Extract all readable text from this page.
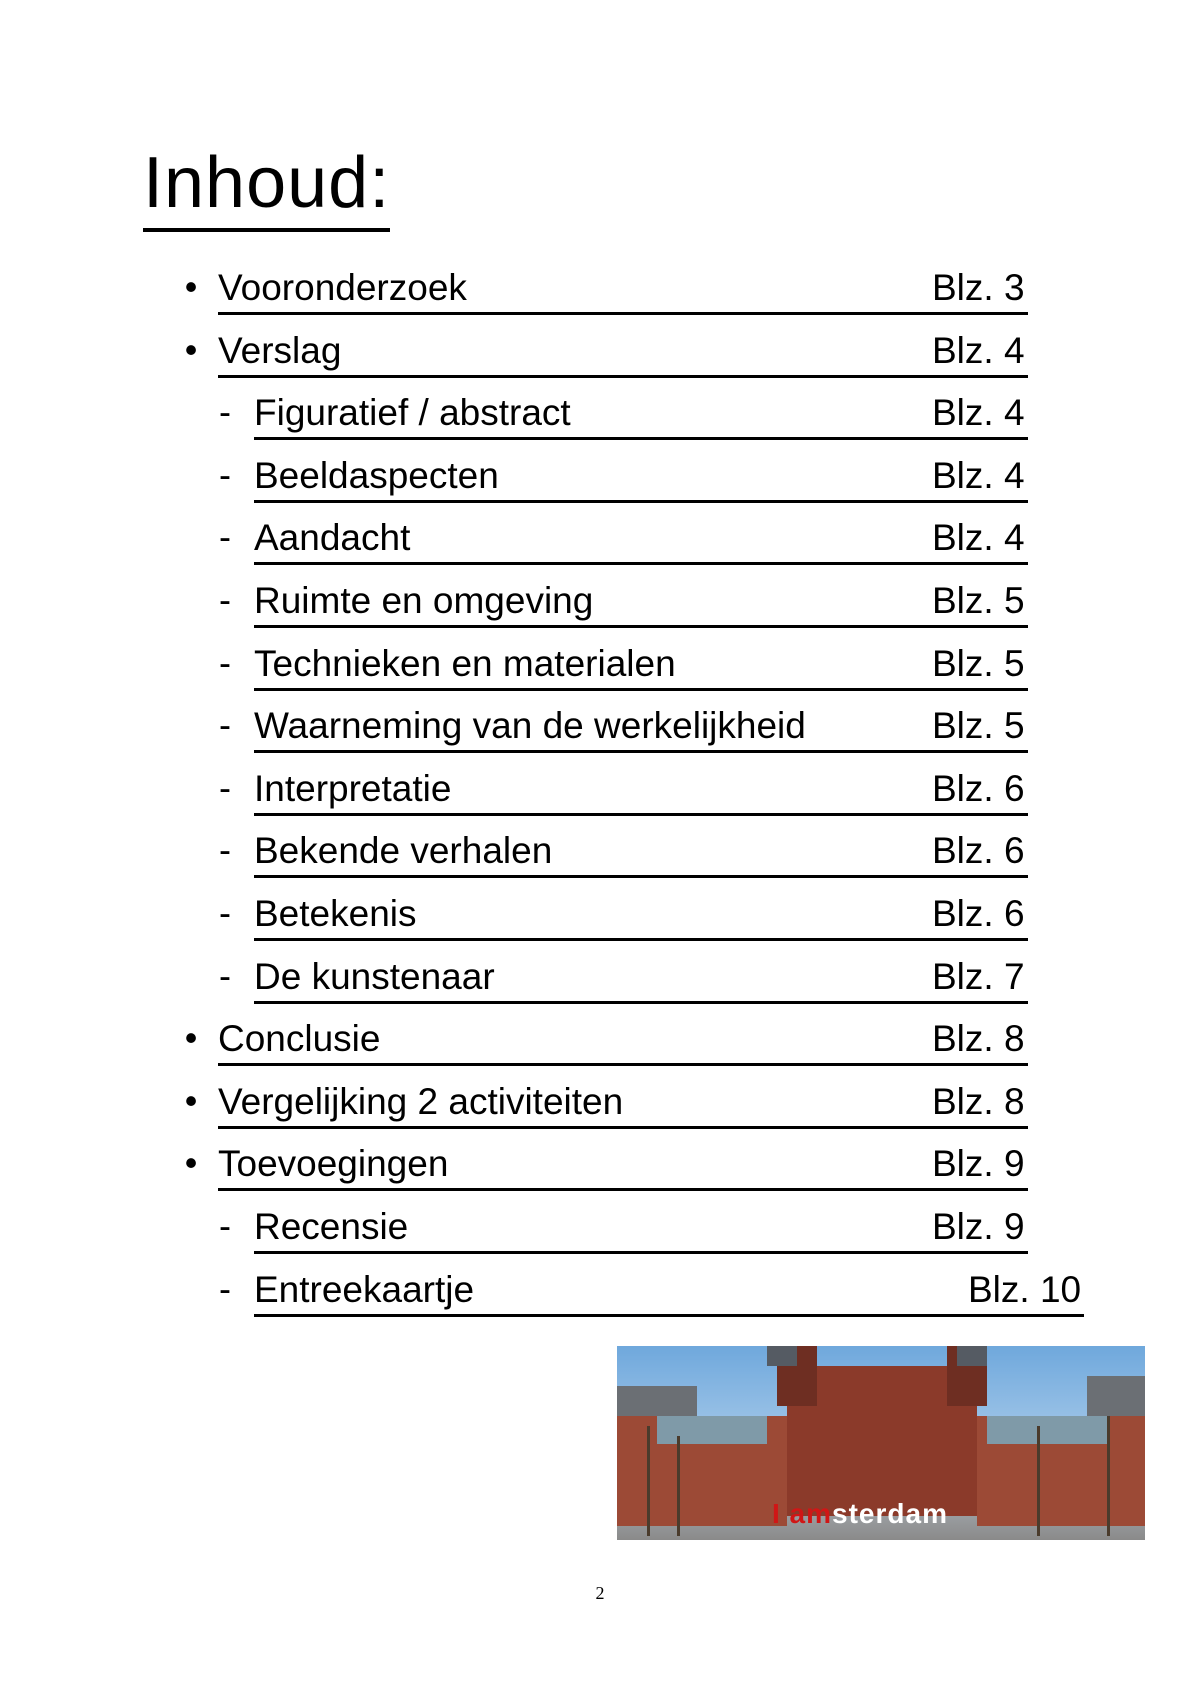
Inhoud:
• Vooronderzoek	Blz. 3
• Verslag	Blz. 4
- Figuratief / abstract	Blz. 4
- Beeldaspecten	Blz. 4
- Aandacht	Blz. 4
- Ruimte en omgeving	Blz. 5
- Technieken en materialen	Blz. 5
- Waarneming van de werkelijkheid	Blz. 5
- Interpretatie	Blz. 6
- Bekende verhalen	Blz. 6
- Betekenis	Blz. 6
- De kunstenaar	Blz. 7
• Conclusie	Blz. 8
• Vergelijking 2 activiteiten	Blz. 8
• Toevoegingen	Blz. 9
- Recensie	Blz. 9
- Entreekaartje	Blz. 10
I amsterdam
2
